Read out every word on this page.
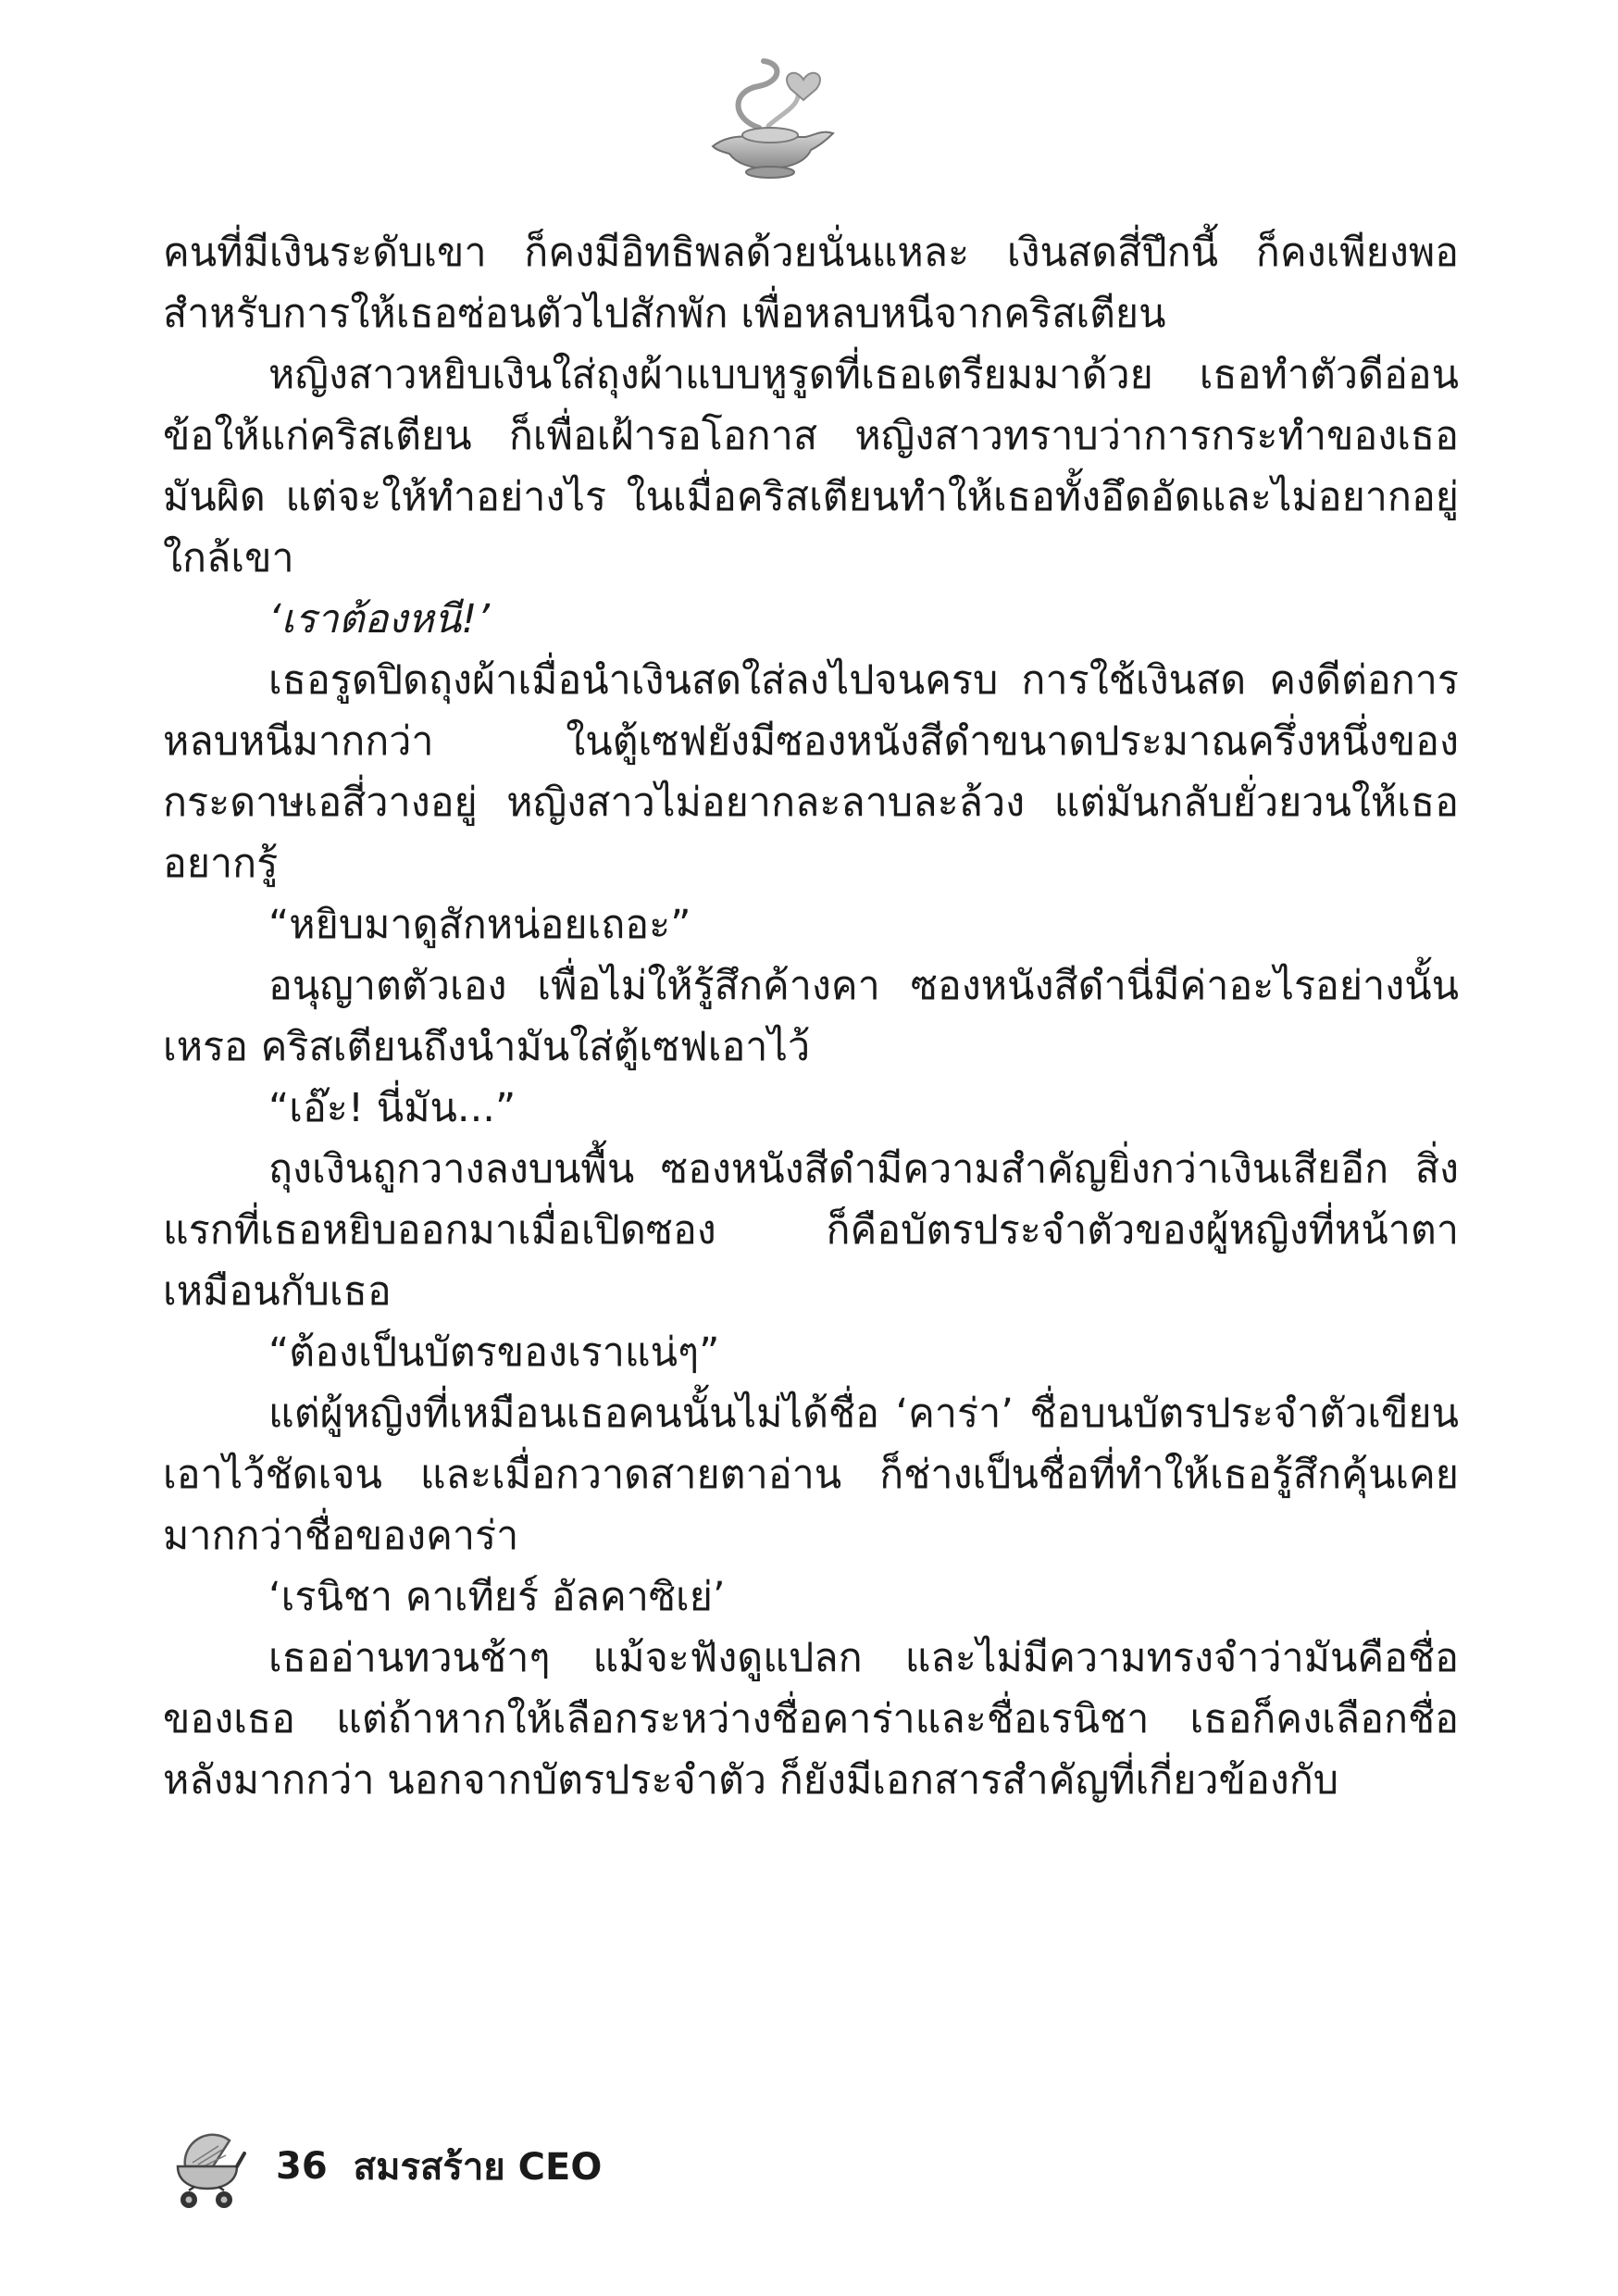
คนที่มีเงินระดับเขา ก็คงมีอิทธิพลด้วยนั่นแหละ เงินสดสี่ปึกนี้ ก็คงเพียงพอสำหรับการให้เธอซ่อนตัวไปสักพัก เพื่อหลบหนีจากคริสเตียน

หญิงสาวหยิบเงินใส่ถุงผ้าแบบหูรูดที่เธอเตรียมมาด้วย เธอทำตัวดีอ่อนข้อให้แก่คริสเตียน ก็เพื่อเฝ้ารอโอกาส หญิงสาวทราบว่าการกระทำของเธอมันผิด แต่จะให้ทำอย่างไร ในเมื่อคริสเตียนทำให้เธอทั้งอึดอัดและไม่อยากอยู่ใกล้เขา

‘เราต้องหนี!’

เธอรูดปิดถุงผ้าเมื่อนำเงินสดใส่ลงไปจนครบ การใช้เงินสด คงดีต่อการหลบหนีมากกว่า ในตู้เซฟยังมีซองหนังสีดำขนาดประมาณครึ่งหนึ่งของกระดาษเอสี่วางอยู่ หญิงสาวไม่อยากละลาบละล้วง แต่มันกลับยั่วยวนให้เธออยากรู้

“หยิบมาดูสักหน่อยเถอะ”

อนุญาตตัวเอง เพื่อไม่ให้รู้สึกค้างคา ซองหนังสีดำนี่มีค่าอะไรอย่างนั้นเหรอ คริสเตียนถึงนำมันใส่ตู้เซฟเอาไว้

“เอ๊ะ! นี่มัน...”

ถุงเงินถูกวางลงบนพื้น ซองหนังสีดำมีความสำคัญยิ่งกว่าเงินเสียอีก สิ่งแรกที่เธอหยิบออกมาเมื่อเปิดซอง ก็คือบัตรประจำตัวของผู้หญิงที่หน้าตาเหมือนกับเธอ

“ต้องเป็นบัตรของเราแน่ๆ”

แต่ผู้หญิงที่เหมือนเธอคนนั้นไม่ได้ชื่อ ‘คาร่า’ ชื่อบนบัตรประจำตัวเขียนเอาไว้ชัดเจน และเมื่อกวาดสายตาอ่าน ก็ช่างเป็นชื่อที่ทำให้เธอรู้สึกคุ้นเคยมากกว่าชื่อของคาร่า

‘เรนิชา คาเทียร์ อัลคาซิเย่’

เธออ่านทวนช้าๆ แม้จะฟังดูแปลก และไม่มีความทรงจำว่ามันคือชื่อของเธอ แต่ถ้าหากให้เลือกระหว่างชื่อคาร่าและชื่อเรนิชา เธอก็คงเลือกชื่อหลังมากกว่า นอกจากบัตรประจำตัว ก็ยังมีเอกสารสำคัญที่เกี่ยวข้องกับ

36 สมรสร้าย CEO
